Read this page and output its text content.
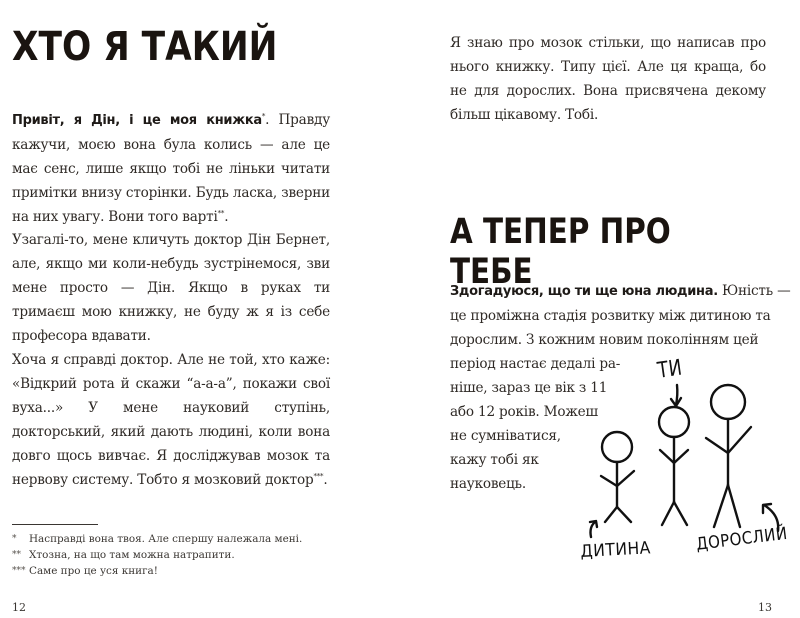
ХТО Я ТАКИЙ

Привіт, я Дін, і це моя книжка*. Правду кажучи, моєю вона була колись — але це має сенс, лише якщо тобі не ліньки читати примітки внизу сторінки. Будь ласка, зверни на них увагу. Вони того варті**.

Узагалі-то, мене кличуть доктор Дін Бернет, але, якщо ми коли-небудь зустрінемося, зви мене просто — Дін. Якщо в руках ти тримаєш мою книжку, не буду ж я із себе професора вдавати.

Хоча я справді доктор. Але не той, хто каже: «Відкрий рота й скажи “а-а-а”, покажи свої вуха...» У мене науковий ступінь, докторський, який дають людині, коли вона довго щось вивчає. Я досліджував мозок та нервову систему. Тобто я мозковий доктор***.

*	Насправді вона твоя. Але спершу належала мені.
** Хтозна, на що там можна натрапити.
*** Саме про це уся книга!
12

Я знаю про мозок стільки, що написав про нього книжку. Типу цієї. Але ця краща, бо не для дорослих. Вона присвячена декому більш цікавому. Тобі.

А ТЕПЕР ПРО ТЕБЕ

Здогадуюся, що ти ще юна людина. Юність —
це проміжна стадія розвитку між дитиною та
дорослим. З кожним новим поколінням цей
період настає дедалі ра-
ніше, зараз це вік з 11
або 12 років. Можеш
не сумніватися,
кажу тобі як
науковець.

ТИ
ДИТИНА	ДОРОСЛИЙ
13
